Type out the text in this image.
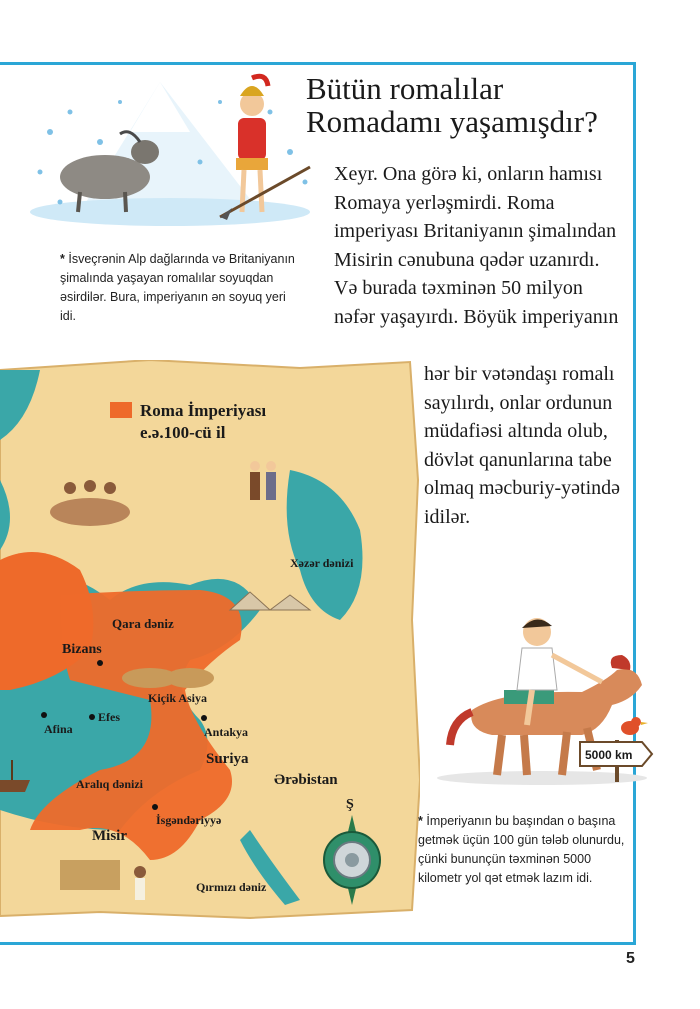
Bütün romalılar
Romadamı yaşamışdır?

* İsveçrənin Alp dağlarında və Britaniyanın şimalında yaşayan romalılar soyuqdan əsirdilər. Bura, imperiyanın ən soyuq yeri idi.

Xeyr. Ona görə ki, onların hamısı Romaya yerləşmirdi. Roma imperiyası Britaniyanın şimalından Misirin cənubuna qədər uzanırdı. Və burada təxminən 50 milyon nəfər yaşayırdı. Böyük imperiyanın

hər bir vətəndaşı romalı sayılırdı, onlar ordunun müdafiəsi altında olub, dövlət qanunlarına tabe olmaq məcburiy-yətində idilər.

Roma İmperiyası
e.ə.100-cü il
Xəzər dənizi
Qara dəniz
Bizans
Kiçik Asiya
Efes
Afina	Antakya
Suriya
Ərəbistan
Aralıq dənizi
İsgəndəriyyə
Misir
Qırmızı dəniz
Ş
5000 km

* İmperiyanın bu başından o başına getmək üçün 100 gün tələb olunurdu, çünki bununçün təxminən 5000 kilometr yol qət etmək lazım idi.

5
